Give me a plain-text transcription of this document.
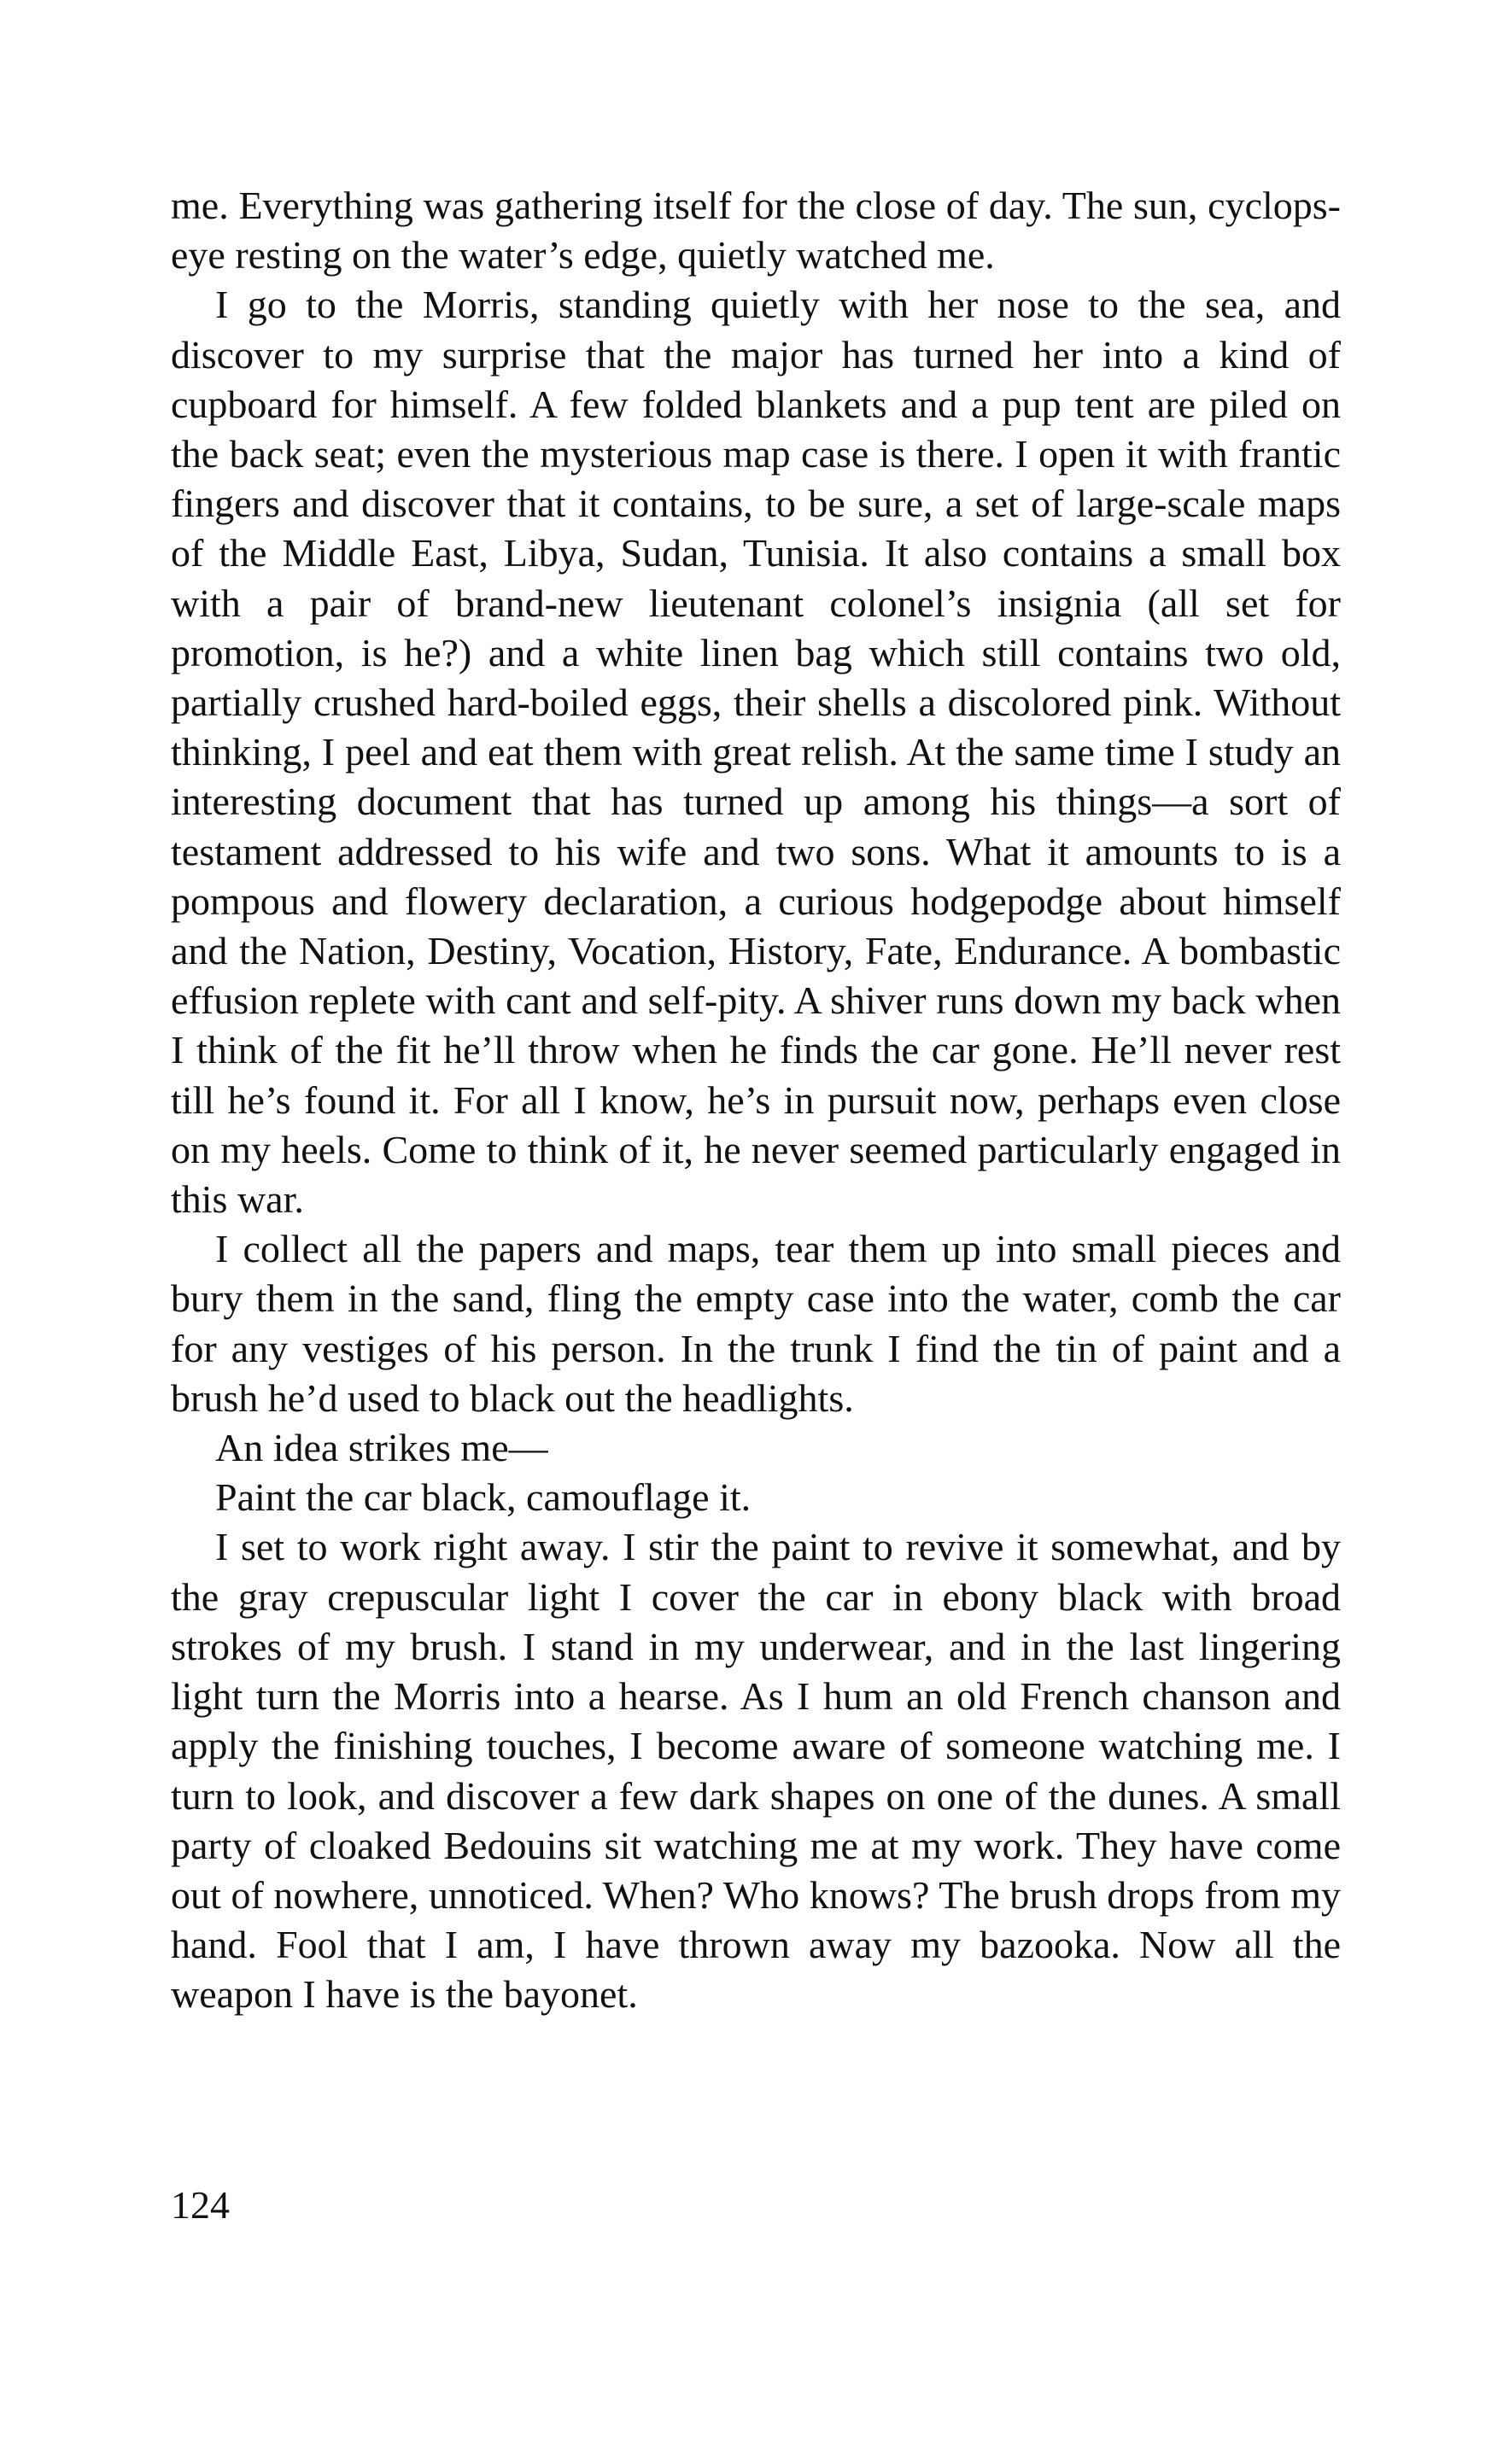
me. Everything was gathering itself for the close of day. The sun, cyclops-eye resting on the water’s edge, quietly watched me.

I go to the Morris, standing quietly with her nose to the sea, and discover to my surprise that the major has turned her into a kind of cupboard for himself. A few folded blankets and a pup tent are piled on the back seat; even the mysterious map case is there. I open it with frantic fingers and discover that it contains, to be sure, a set of large-scale maps of the Middle East, Libya, Sudan, Tunisia. It also contains a small box with a pair of brand-new lieutenant colonel’s insignia (all set for promotion, is he?) and a white linen bag which still contains two old, partially crushed hard-boiled eggs, their shells a discolored pink. Without thinking, I peel and eat them with great relish. At the same time I study an interesting document that has turned up among his things—a sort of testament addressed to his wife and two sons. What it amounts to is a pompous and flowery declaration, a curious hodgepodge about himself and the Nation, Destiny, Vocation, History, Fate, Endurance. A bombastic effusion replete with cant and self-pity. A shiver runs down my back when I think of the fit he’ll throw when he finds the car gone. He’ll never rest till he’s found it. For all I know, he’s in pursuit now, perhaps even close on my heels. Come to think of it, he never seemed particularly engaged in this war.

I collect all the papers and maps, tear them up into small pieces and bury them in the sand, fling the empty case into the water, comb the car for any vestiges of his person. In the trunk I find the tin of paint and a brush he’d used to black out the headlights.

An idea strikes me—

Paint the car black, camouflage it.

I set to work right away. I stir the paint to revive it somewhat, and by the gray crepuscular light I cover the car in ebony black with broad strokes of my brush. I stand in my underwear, and in the last lingering light turn the Morris into a hearse. As I hum an old French chanson and apply the finishing touches, I become aware of someone watching me. I turn to look, and discover a few dark shapes on one of the dunes. A small party of cloaked Bedouins sit watching me at my work. They have come out of nowhere, unnoticed. When? Who knows? The brush drops from my hand. Fool that I am, I have thrown away my bazooka. Now all the weapon I have is the bayonet.

124
